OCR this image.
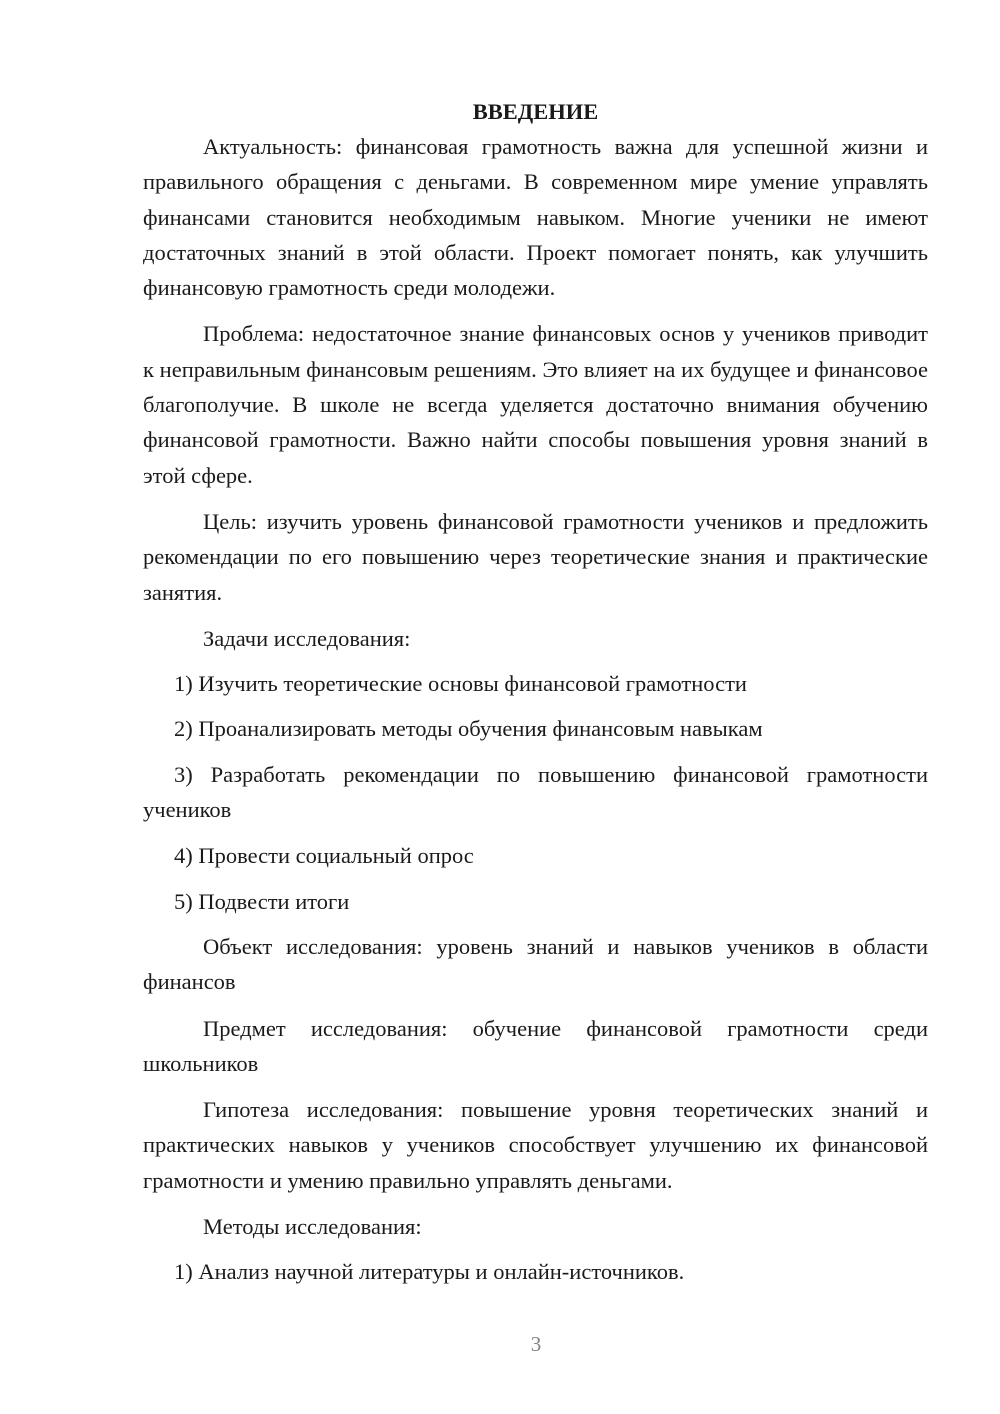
ВВЕДЕНИЕ

Актуальность: финансовая грамотность важна для успешной жизни и правильного обращения с деньгами. В современном мире умение управлять финансами становится необходимым навыком. Многие ученики не имеют достаточных знаний в этой области. Проект помогает понять, как улучшить финансовую грамотность среди молодежи.

Проблема: недостаточное знание финансовых основ у учеников приводит к неправильным финансовым решениям. Это влияет на их будущее и финансовое благополучие. В школе не всегда уделяется достаточно внимания обучению финансовой грамотности. Важно найти способы повышения уровня знаний в этой сфере.

Цель: изучить уровень финансовой грамотности учеников и предложить рекомендации по его повышению через теоретические знания и практические занятия.

Задачи исследования:

1) Изучить теоретические основы финансовой грамотности

2) Проанализировать методы обучения финансовым навыкам

3) Разработать рекомендации по повышению финансовой грамотности учеников

4) Провести социальный опрос

5) Подвести итоги

Объект исследования: уровень знаний и навыков учеников в области финансов

Предмет исследования: обучение финансовой грамотности среди школьников

Гипотеза исследования: повышение уровня теоретических знаний и практических навыков у учеников способствует улучшению их финансовой грамотности и умению правильно управлять деньгами.

Методы исследования:

1) Анализ научной литературы и онлайн-источников.

3
